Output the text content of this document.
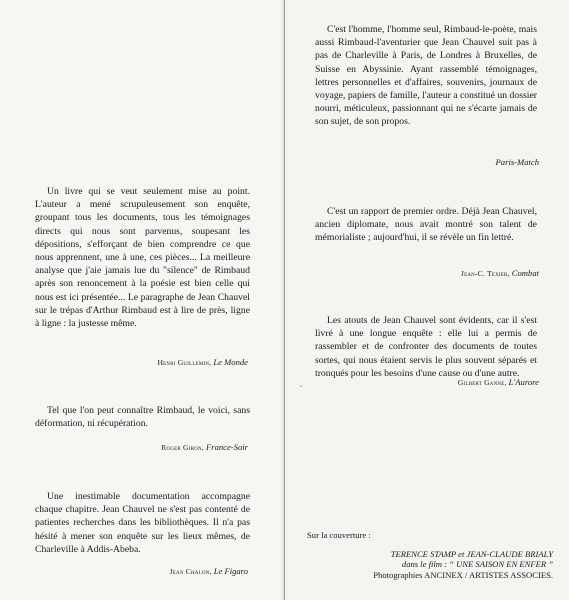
Un livre qui se veut seulement mise au point. L'auteur a mené scrupuleusement son enquête, groupant tous les documents, tous les témoignages directs qui nous sont parvenus, soupesant les dépositions, s'efforçant de bien comprendre ce que nous apprennent, une à une, ces pièces... La meilleure analyse que j'aie jamais lue du "silence" de Rimbaud après son renoncement à la poésie est bien celle qui nous est ici présentée... Le paragraphe de Jean Chauvel sur le trépas d'Arthur Rimbaud est à lire de près, ligne à ligne : la justesse même.

Henri Guillemin, Le Monde

Tel que l'on peut connaître Rimbaud, le voici, sans déformation, ni récupération.

Roger Giron, France-Soir

Une inestimable documentation accompagne chaque chapitre. Jean Chauvel ne s'est pas contenté de patientes recherches dans les bibliothèques. Il n'a pas hésité à mener son enquête sur les lieux mêmes, de Charleville à Addis-Abeba.

Jean Chalon, Le Figaro

C'est l'homme, l'homme seul, Rimbaud-le-poète, mais aussi Rimbaud-l'aventurier que Jean Chauvel suit pas à pas de Charleville à Paris, de Londres à Bruxelles, de Suisse en Abyssinie. Ayant rassemblé témoignages, lettres personnelles et d'affaires, souvenirs, journaux de voyage, papiers de famille, l'auteur a constitué un dossier nourri, méticuleux, passionnant qui ne s'écarte jamais de son sujet, de son propos.

Paris-Match

C'est un rapport de premier ordre. Déjà Jean Chauvel, ancien diplomate, nous avait montré son talent de mémorialiste ; aujourd'hui, il se révèle un fin lettré.

Jean-C. Texier, Combat

Les atouts de Jean Chauvel sont évidents, car il s'est livré à une longue enquête : elle lui a permis de rassembler et de confronter des documents de toutes sortes, qui nous étaient servis le plus souvent séparés et tronqués pour les besoins d'une cause ou d'une autre.

Gilbert Ganne, L'Aurore
Sur la couverture :
TERENCE STAMP et JEAN-CLAUDE BRIALY
dans le film : “ UNE SAISON EN ENFER ”
Photographies ANCINEX / ARTISTES ASSOCIES.
